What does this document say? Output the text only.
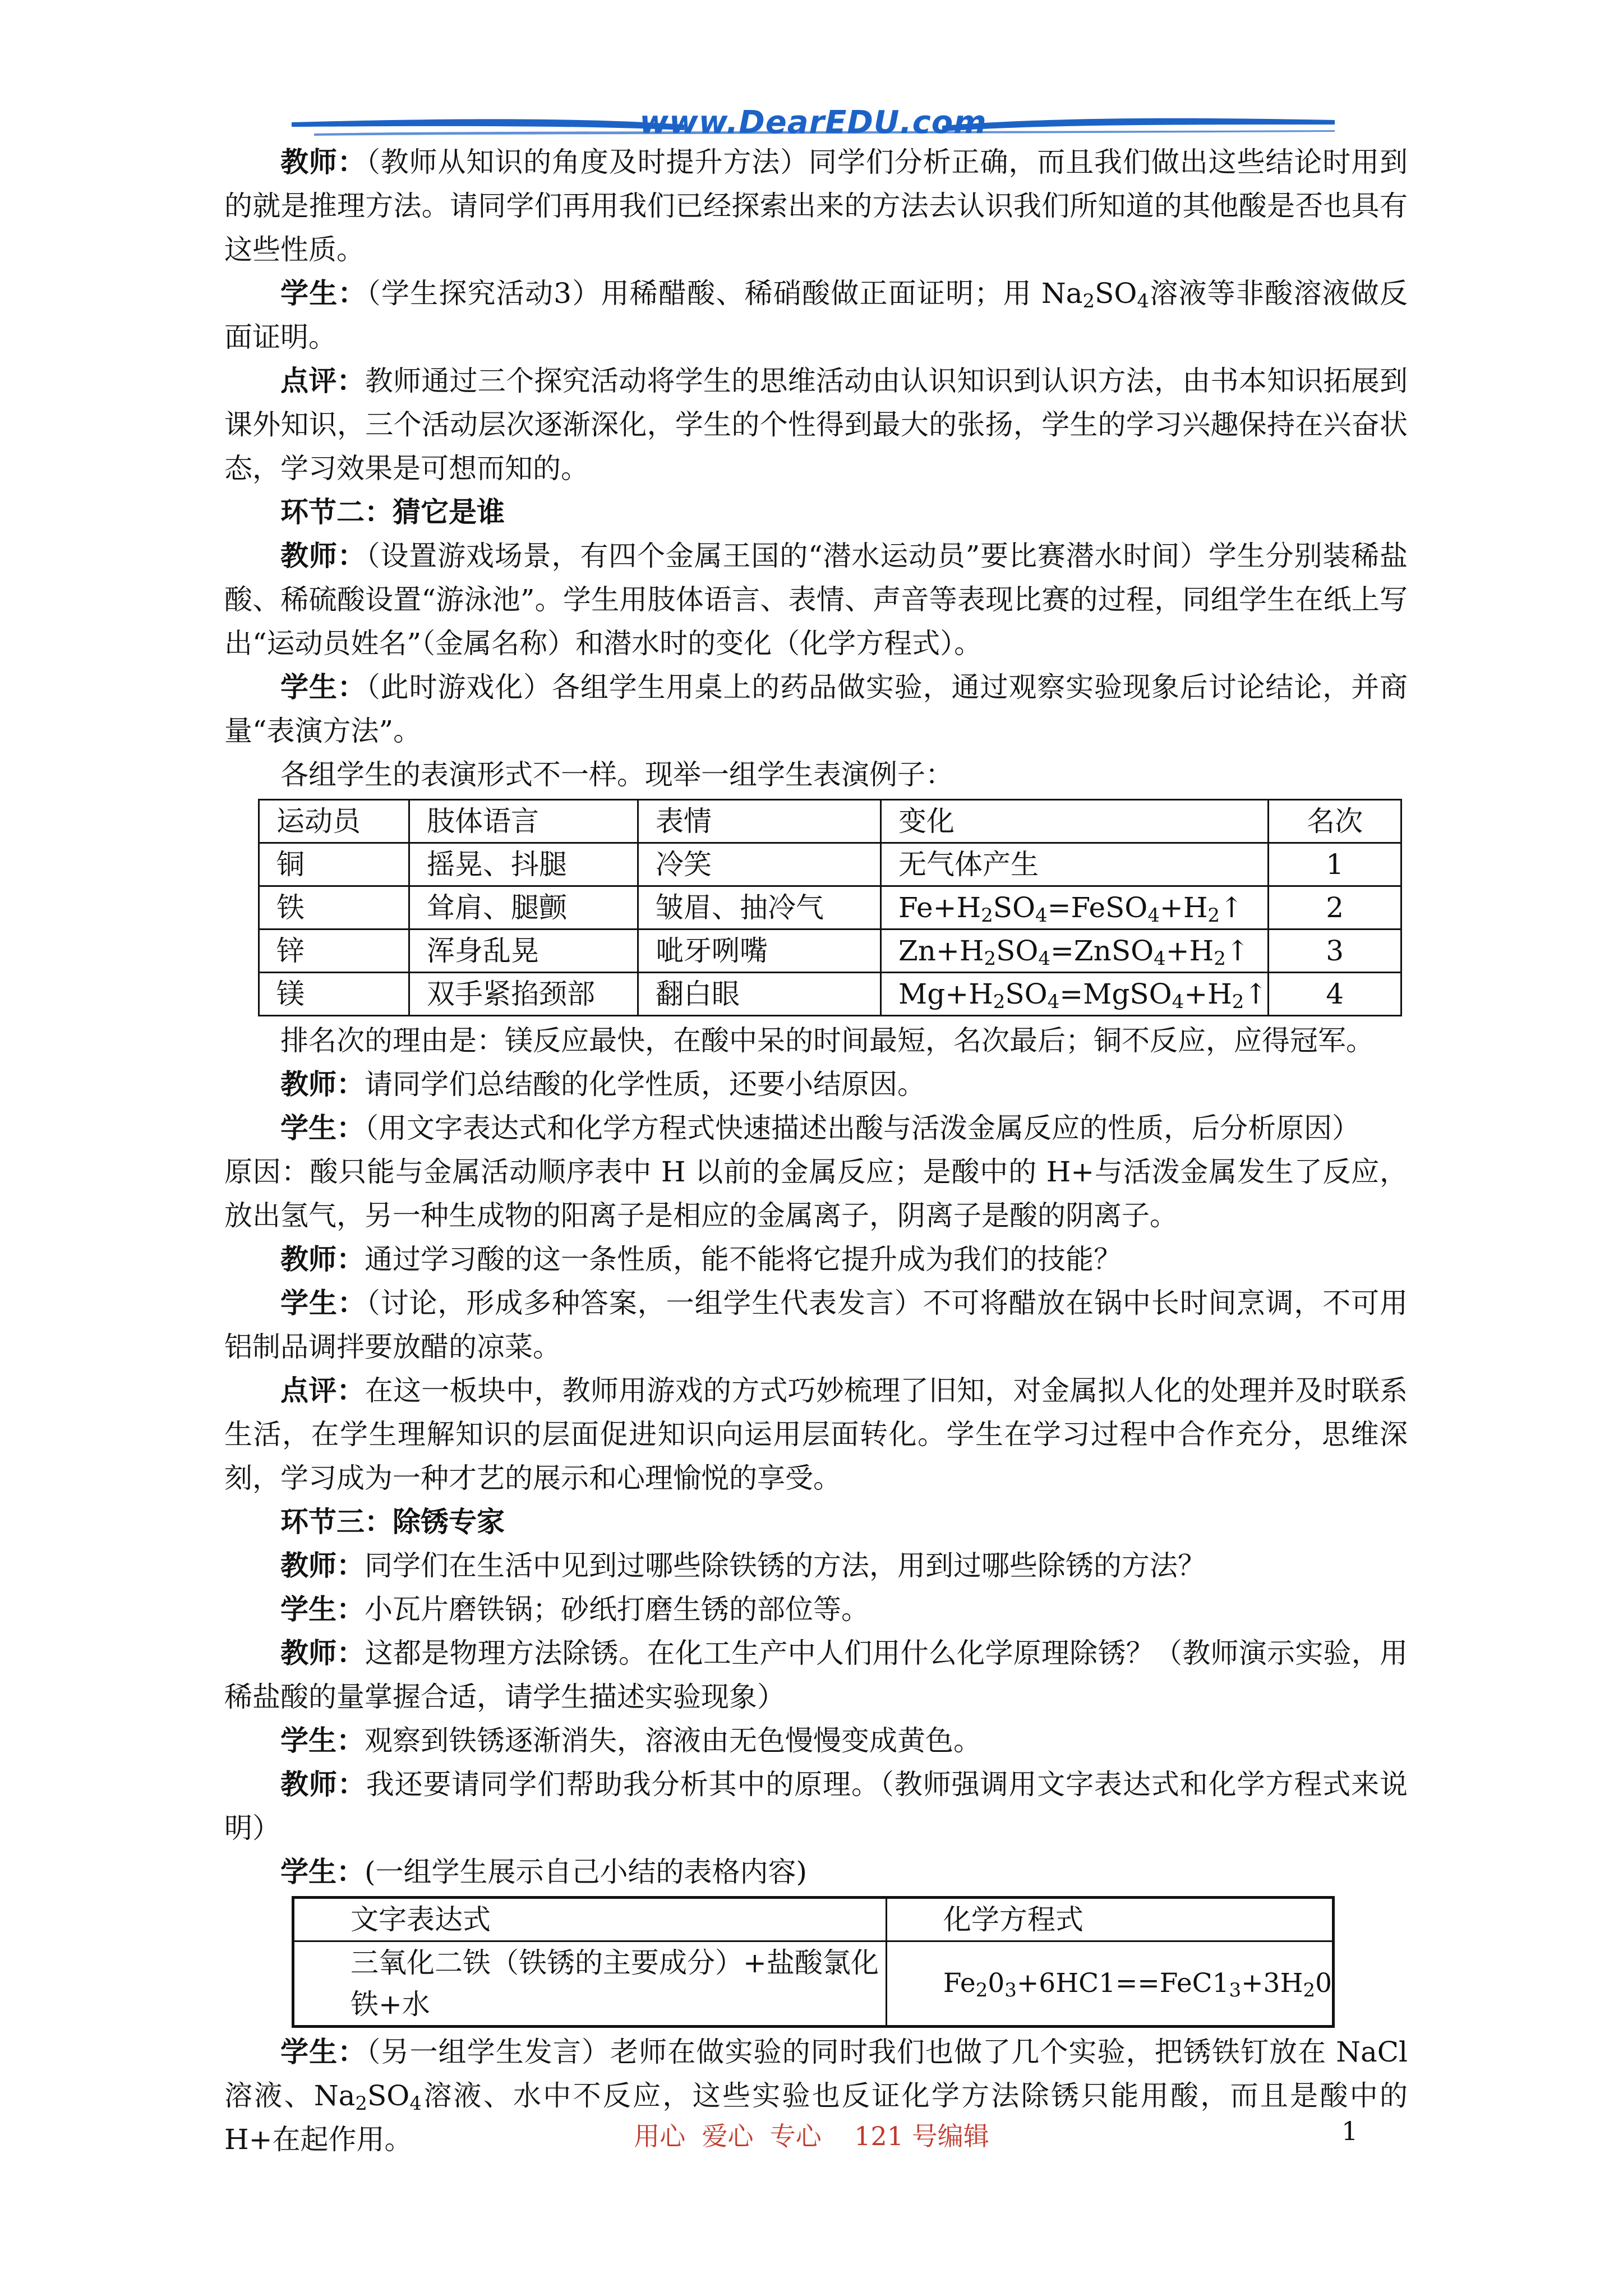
www.DearEDU.com

教师：（教师从知识的角度及时提升方法）同学们分析正确，而且我们做出这些结论时用到的就是推理方法。请同学们再用我们已经探索出来的方法去认识我们所知道的其他酸是否也具有这些性质。

学生：（学生探究活动3）用稀醋酸、稀硝酸做正面证明；用 $Na_2SO_4$溶液等非酸溶液做反面证明。

点评：教师通过三个探究活动将学生的思维活动由认识知识到认识方法，由书本知识拓展到课外知识，三个活动层次逐渐深化，学生的个性得到最大的张扬，学生的学习兴趣保持在兴奋状态，学习效果是可想而知的。

环节二：猜它是谁

教师：（设置游戏场景，有四个金属王国的“潜水运动员”要比赛潜水时间）学生分别装稀盐酸、稀硫酸设置“游泳池”。学生用肢体语言、表情、声音等表现比赛的过程，同组学生在纸上写出“运动员姓名”（金属名称）和潜水时的变化（化学方程式）。

学生：（此时游戏化）各组学生用桌上的药品做实验，通过观察实验现象后讨论结论，并商量“表演方法”。

各组学生的表演形式不一样。现举一组学生表演例子：

运动员	肢体语言	表情	变化	名次
铜	摇晃、抖腿	冷笑	无气体产生	1
铁	耸肩、腿颤	皱眉、抽冷气	$Fe+H_2SO_4=FeSO_4+H_2↑$	2
锌	浑身乱晃	呲牙咧嘴	$Zn+H_2SO_4=ZnSO_4+H_2↑$	3
镁	双手紧掐颈部	翻白眼	$Mg+H_2SO_4=MgSO_4+H_2↑$	4

排名次的理由是：镁反应最快，在酸中呆的时间最短，名次最后；铜不反应，应得冠军。

教师：请同学们总结酸的化学性质，还要小结原因。

学生：（用文字表达式和化学方程式快速描述出酸与活泼金属反应的性质，后分析原因）

原因：酸只能与金属活动顺序表中 H 以前的金属反应；是酸中的 H+与活泼金属发生了反应，放出氢气，另一种生成物的阳离子是相应的金属离子，阴离子是酸的阴离子。

教师：通过学习酸的这一条性质，能不能将它提升成为我们的技能？

学生：（讨论，形成多种答案，一组学生代表发言）不可将醋放在锅中长时间烹调，不可用铝制品调拌要放醋的凉菜。

点评：在这一板块中，教师用游戏的方式巧妙梳理了旧知，对金属拟人化的处理并及时联系生活，在学生理解知识的层面促进知识向运用层面转化。学生在学习过程中合作充分，思维深刻，学习成为一种才艺的展示和心理愉悦的享受。

环节三：除锈专家

教师：同学们在生活中见到过哪些除铁锈的方法，用到过哪些除锈的方法？

学生：小瓦片磨铁锅；砂纸打磨生锈的部位等。

教师：这都是物理方法除锈。在化工生产中人们用什么化学原理除锈？（教师演示实验，用稀盐酸的量掌握合适，请学生描述实验现象）

学生：观察到铁锈逐渐消失，溶液由无色慢慢变成黄色。

教师：我还要请同学们帮助我分析其中的原理。（教师强调用文字表达式和化学方程式来说明）

学生：(一组学生展示自己小结的表格内容)

文字表达式	化学方程式
三氧化二铁（铁锈的主要成分）+盐酸氯化铁+水	$Fe_20_3+6HC1==FeC1_3+3H_20$

学生：（另一组学生发言）老师在做实验的同时我们也做了几个实验，把锈铁钉放在 NaCl 溶液、$Na_2SO_4$溶液、水中不反应，这些实验也反证化学方法除锈只能用酸，而且是酸中的 H+在起作用。	用心  爱心  专心    121 号编辑	1
